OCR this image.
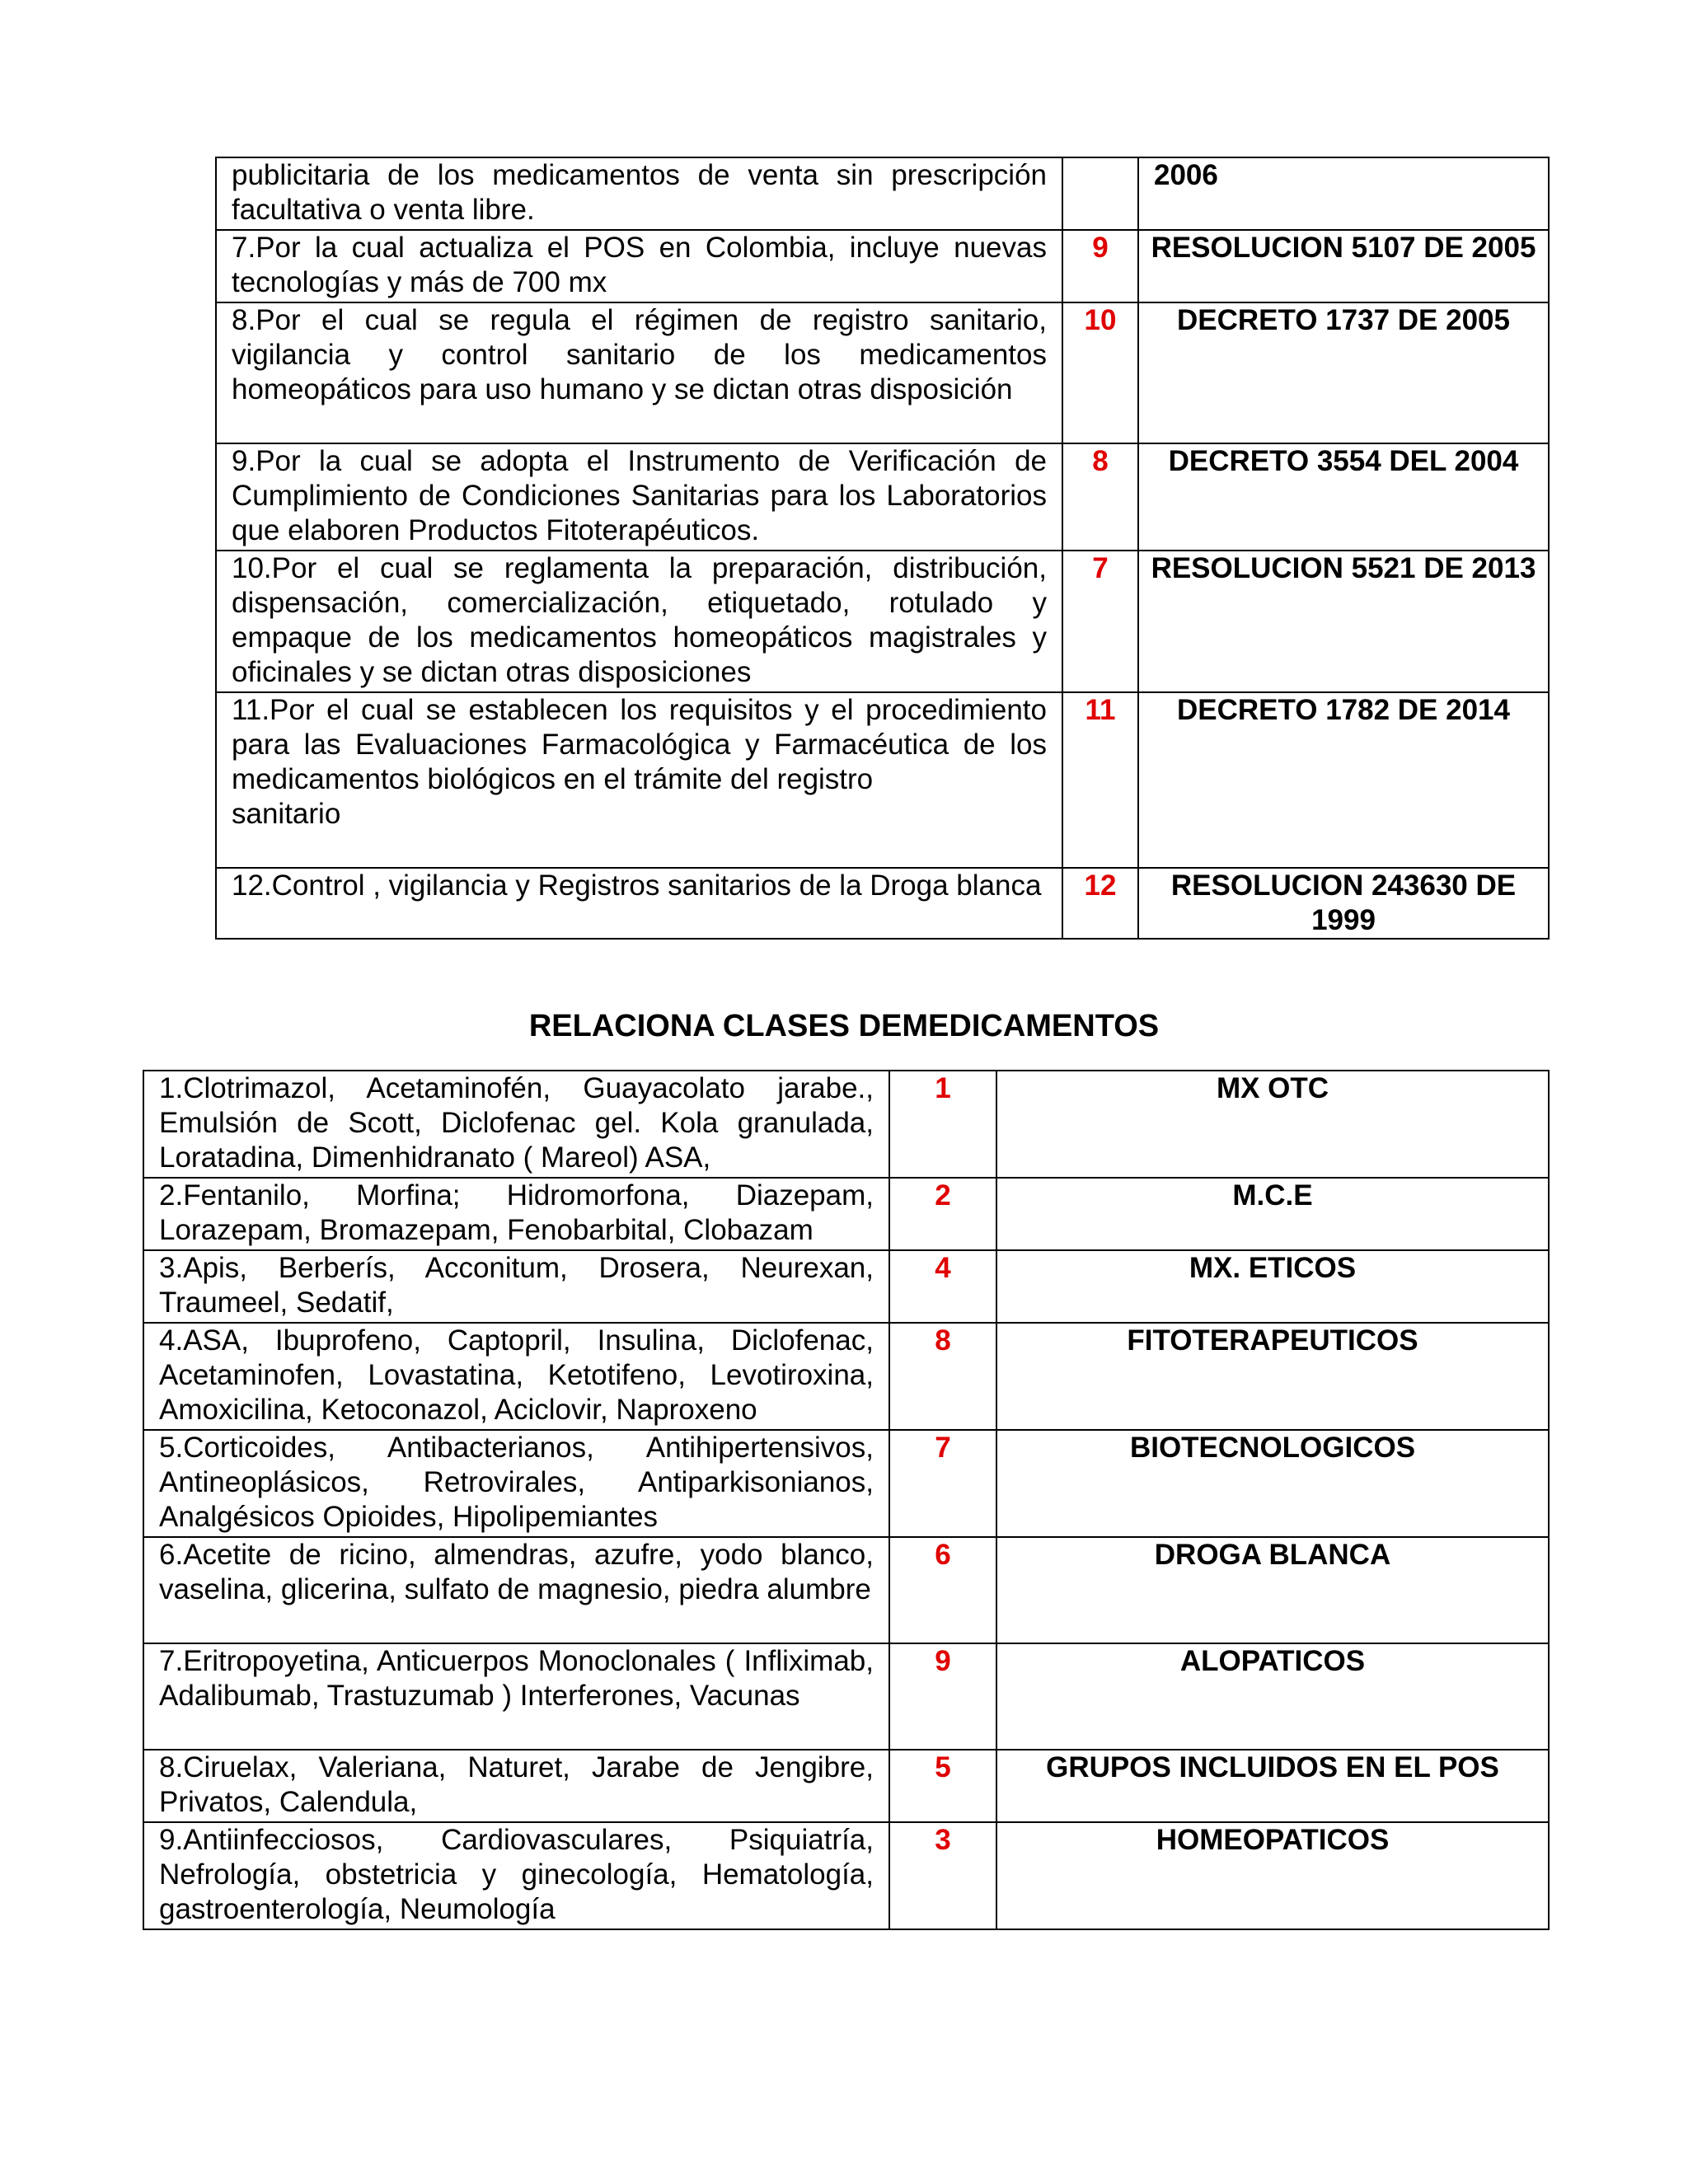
publicitaria de los medicamentos de venta sin prescripción facultativa o venta libre.		2006
7.Por la cual actualiza el POS en Colombia, incluye nuevas tecnologías y más de 700 mx	9	RESOLUCION 5107 DE 2005
8.Por el cual se regula el régimen de registro sanitario, vigilancia y control sanitario de los medicamentos homeopáticos para uso humano y se dictan otras disposición	10	DECRETO 1737 DE 2005
9.Por la cual se adopta el Instrumento de Verificación de Cumplimiento de Condiciones Sanitarias para los Laboratorios que elaboren Productos Fitoterapéuticos.	8	DECRETO 3554 DEL 2004
10.Por el cual se reglamenta la preparación, distribución, dispensación, comercialización, etiquetado, rotulado y empaque de los medicamentos homeopáticos magistrales y oficinales y se dictan otras disposiciones	7	RESOLUCION 5521 DE 2013
11.Por el cual se establecen los requisitos y el procedimiento para las Evaluaciones Farmacológica y Farmacéutica de los medicamentos biológicos en el trámite del registro
sanitario	11	DECRETO 1782 DE 2014
12.Control , vigilancia y Registros sanitarios de la Droga blanca	12	RESOLUCION 243630 DE 1999
RELACIONA CLASES DEMEDICAMENTOS
1.Clotrimazol, Acetaminofén, Guayacolato jarabe., Emulsión de Scott, Diclofenac gel. Kola granulada, Loratadina, Dimenhidranato ( Mareol) ASA,	1	MX OTC
2.Fentanilo, Morfina; Hidromorfona, Diazepam, Lorazepam, Bromazepam, Fenobarbital, Clobazam	2	M.C.E
3.Apis, Berberís, Acconitum, Drosera, Neurexan, Traumeel, Sedatif,	4	MX. ETICOS
4.ASA, Ibuprofeno, Captopril, Insulina, Diclofenac, Acetaminofen, Lovastatina, Ketotifeno, Levotiroxina, Amoxicilina, Ketoconazol, Aciclovir, Naproxeno	8	FITOTERAPEUTICOS
5.Corticoides, Antibacterianos, Antihipertensivos, Antineoplásicos, Retrovirales, Antiparkisonianos, Analgésicos Opioides, Hipolipemiantes	7	BIOTECNOLOGICOS
6.Acetite de ricino, almendras, azufre, yodo blanco, vaselina, glicerina, sulfato de magnesio, piedra alumbre	6	DROGA BLANCA
7.Eritropoyetina, Anticuerpos Monoclonales ( Infliximab, Adalibumab, Trastuzumab ) Interferones, Vacunas	9	ALOPATICOS
8.Ciruelax, Valeriana, Naturet, Jarabe de Jengibre, Privatos, Calendula,	5	GRUPOS INCLUIDOS EN EL POS
9.Antiinfecciosos, Cardiovasculares, Psiquiatría, Nefrología, obstetricia y ginecología, Hematología, gastroenterología, Neumología	3	HOMEOPATICOS
